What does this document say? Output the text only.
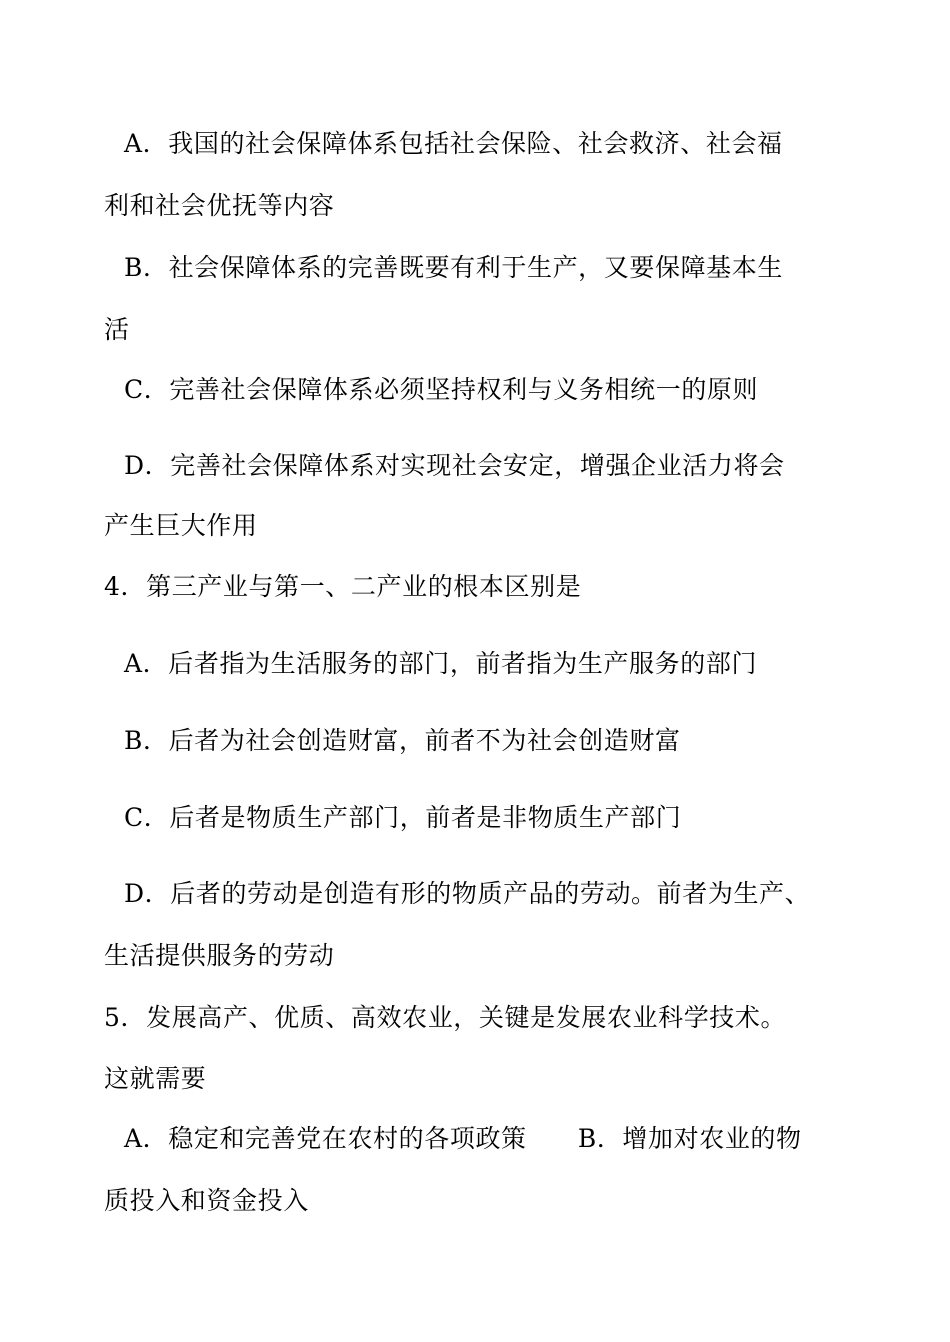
A．我国的社会保障体系包括社会保险、社会救济、社会福
利和社会优抚等内容
B．社会保障体系的完善既要有利于生产，又要保障基本生
活
C．完善社会保障体系必须坚持权利与义务相统一的原则
D．完善社会保障体系对实现社会安定，增强企业活力将会
产生巨大作用
4．第三产业与第一、二产业的根本区别是
A．后者指为生活服务的部门，前者指为生产服务的部门
B．后者为社会创造财富，前者不为社会创造财富
C．后者是物质生产部门，前者是非物质生产部门
D．后者的劳动是创造有形的物质产品的劳动。前者为生产、
生活提供服务的劳动
5．发展高产、优质、高效农业，关键是发展农业科学技术。
这就需要
A．稳定和完善党在农村的各项政策　　B．增加对农业的物
质投入和资金投入
